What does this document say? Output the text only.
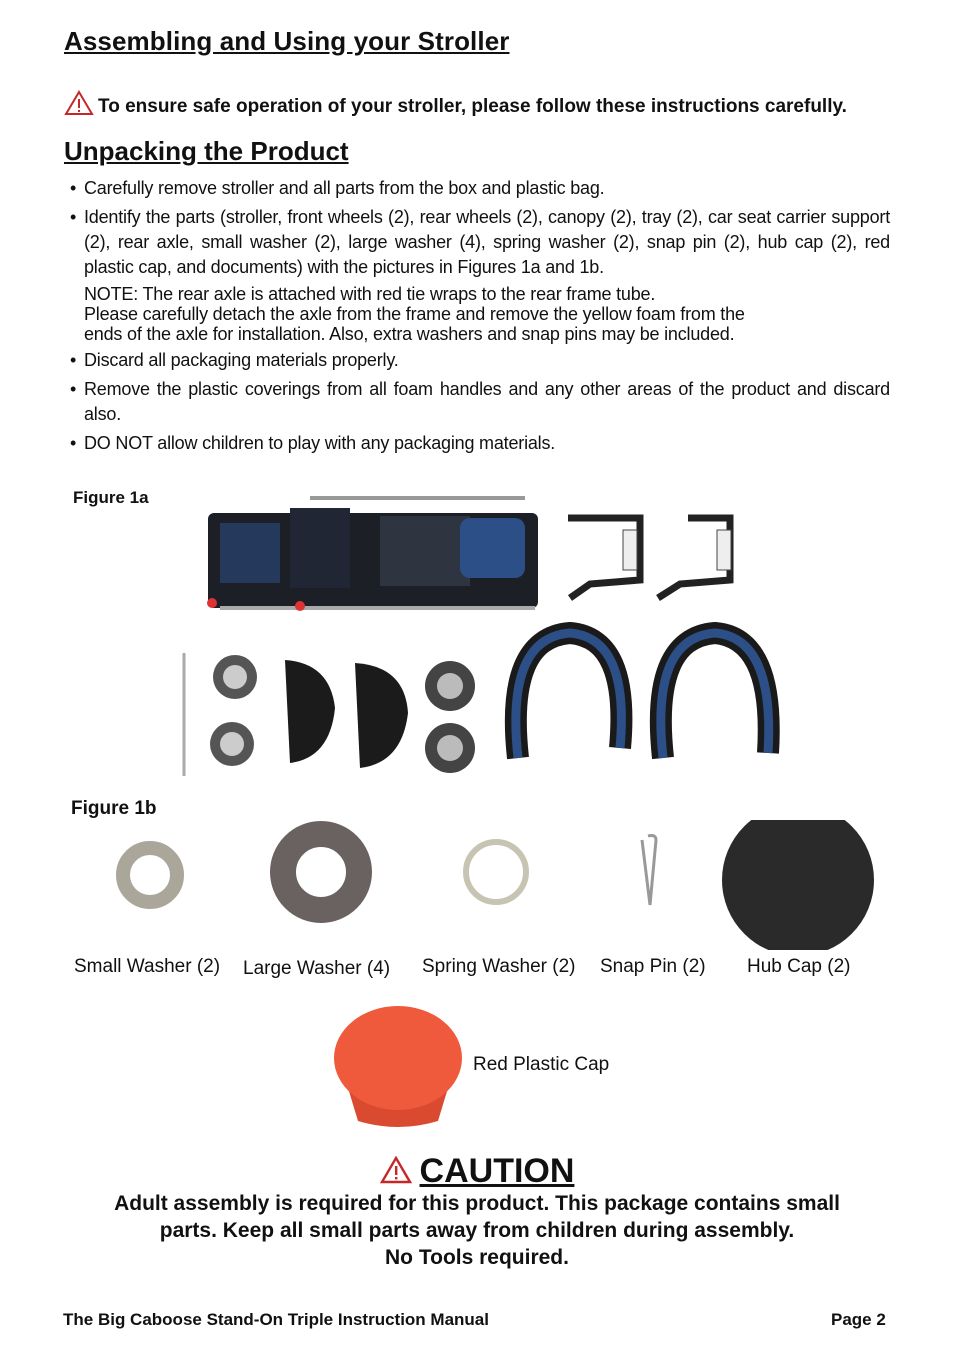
Assembling and Using your Stroller
To ensure safe operation of your stroller, please follow these instructions carefully.
Unpacking the Product
• Carefully remove stroller and all parts from the box and plastic bag.
• Identify the parts (stroller, front wheels (2), rear wheels (2), canopy (2), tray (2), car seat carrier support (2), rear axle, small washer (2), large washer (4), spring washer (2), snap pin (2), hub cap (2), red plastic cap, and documents) with the pictures in Figures 1a and 1b.
NOTE: The rear axle is attached with red tie wraps to the rear frame tube.
Please carefully detach the axle from the frame and remove the yellow foam from the
ends of the axle for installation. Also, extra washers and snap pins may be included.
• Discard all packaging materials properly.
• Remove the plastic coverings from all foam handles and any other areas of the product and discard also.
• DO NOT allow children to play with any packaging materials.
Figure 1a
Figure 1b
Small Washer (2) Large Washer (4) Spring Washer (2) Snap Pin (2) Hub Cap (2)
Red Plastic Cap
CAUTION
Adult assembly is required for this product. This package contains small
parts. Keep all small parts away from children during assembly.
No Tools required.
The Big Caboose Stand-On Triple Instruction Manual	Page 2
